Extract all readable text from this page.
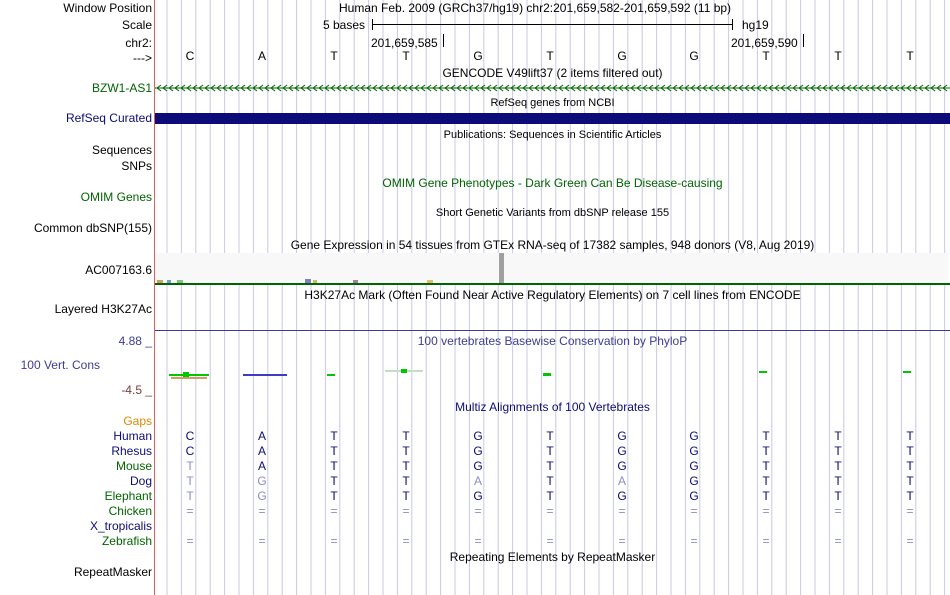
Window Position
Scale
chr2:
--->
Human Feb. 2009 (GRCh37/hg19) chr2:201,659,582-201,659,592 (11 bp)
5 bases	hg19
201,659,585	201,659,590
C	A	T	T	G	T	G	G	T	T	T
GENCODE V49lift37 (2 items filtered out)
BZW1-AS1
RefSeq genes from NCBI
RefSeq Curated
Publications: Sequences in Scientific Articles
Sequences
SNPs
OMIM Gene Phenotypes - Dark Green Can Be Disease-causing
OMIM Genes
Short Genetic Variants from dbSNP release 155
Common dbSNP(155)
Gene Expression in 54 tissues from GTEx RNA-seq of 17382 samples, 948 donors (V8, Aug 2019)
AC007163.6
H3K27Ac Mark (Often Found Near Active Regulatory Elements) on 7 cell lines from ENCODE
Layered H3K27Ac
4.88 _	100 vertebrates Basewise Conservation by PhyloP
100 Vert. Cons
-4.5 _
Multiz Alignments of 100 Vertebrates
Gaps
Human	C	A	T	T	G	T	G	G	T	T	T
Rhesus	C	A	T	T	G	T	G	G	T	T	T
Mouse	T	A	T	T	G	T	G	G	T	T	T
Dog	T	G	T	T	A	T	A	G	T	T	T
Elephant	T	G	T	T	G	T	G	G	T	T	T
Chicken	=	=	=	=	=	=	=	=	=	=	=
X_tropicalis
Zebrafish	=	=	=	=	=	=	=	=	=	=	=
Repeating Elements by RepeatMasker
RepeatMasker
